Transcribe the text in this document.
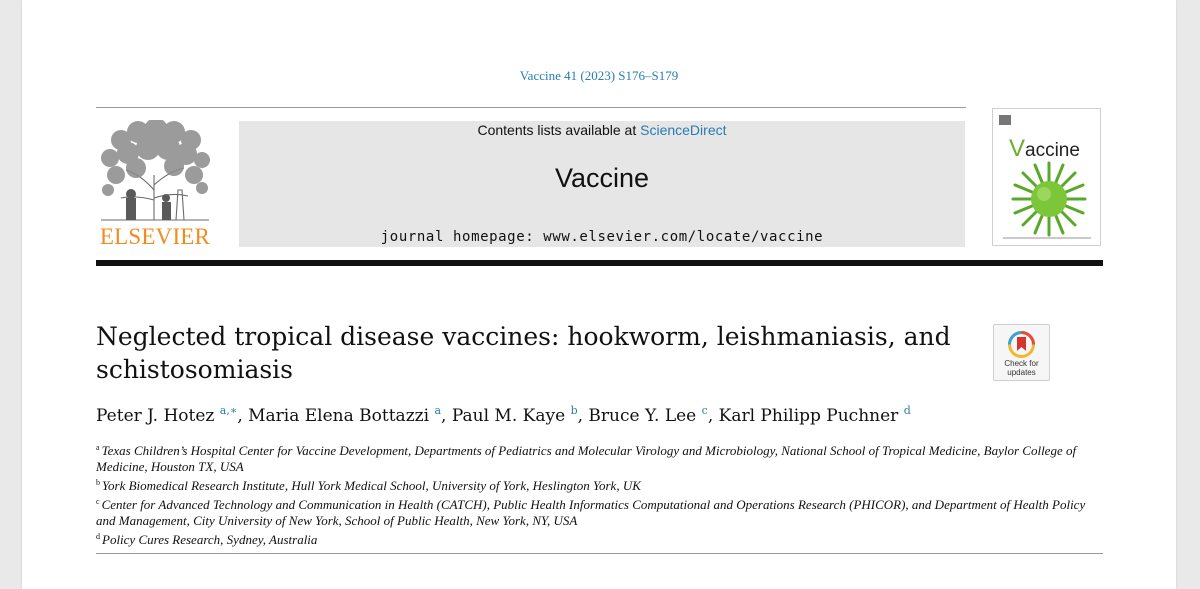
Vaccine 41 (2023) S176–S179
ELSEVIER
Contents lists available at ScienceDirect
Vaccine
journal homepage: www.elsevier.com/locate/vaccine
Vaccine
Neglected tropical disease vaccines: hookworm, leishmaniasis, and
schistosomiasis	Check for
updates
Peter J. Hotez $^{a,∗}$, Maria Elena Bottazzi $^a$, Paul M. Kaye $^b$, Bruce Y. Lee $^c$, Karl Philipp Puchner $^d$

$^a$ Texas Children’s Hospital Center for Vaccine Development, Departments of Pediatrics and Molecular Virology and Microbiology, National School of Tropical Medicine, Baylor College of Medicine, Houston TX, USA

$^b$ York Biomedical Research Institute, Hull York Medical School, University of York, Heslington York, UK

$^c$ Center for Advanced Technology and Communication in Health (CATCH), Public Health Informatics Computational and Operations Research (PHICOR), and Department of Health Policy and Management, City University of New York, School of Public Health, New York, NY, USA

$^d$ Policy Cures Research, Sydney, Australia
